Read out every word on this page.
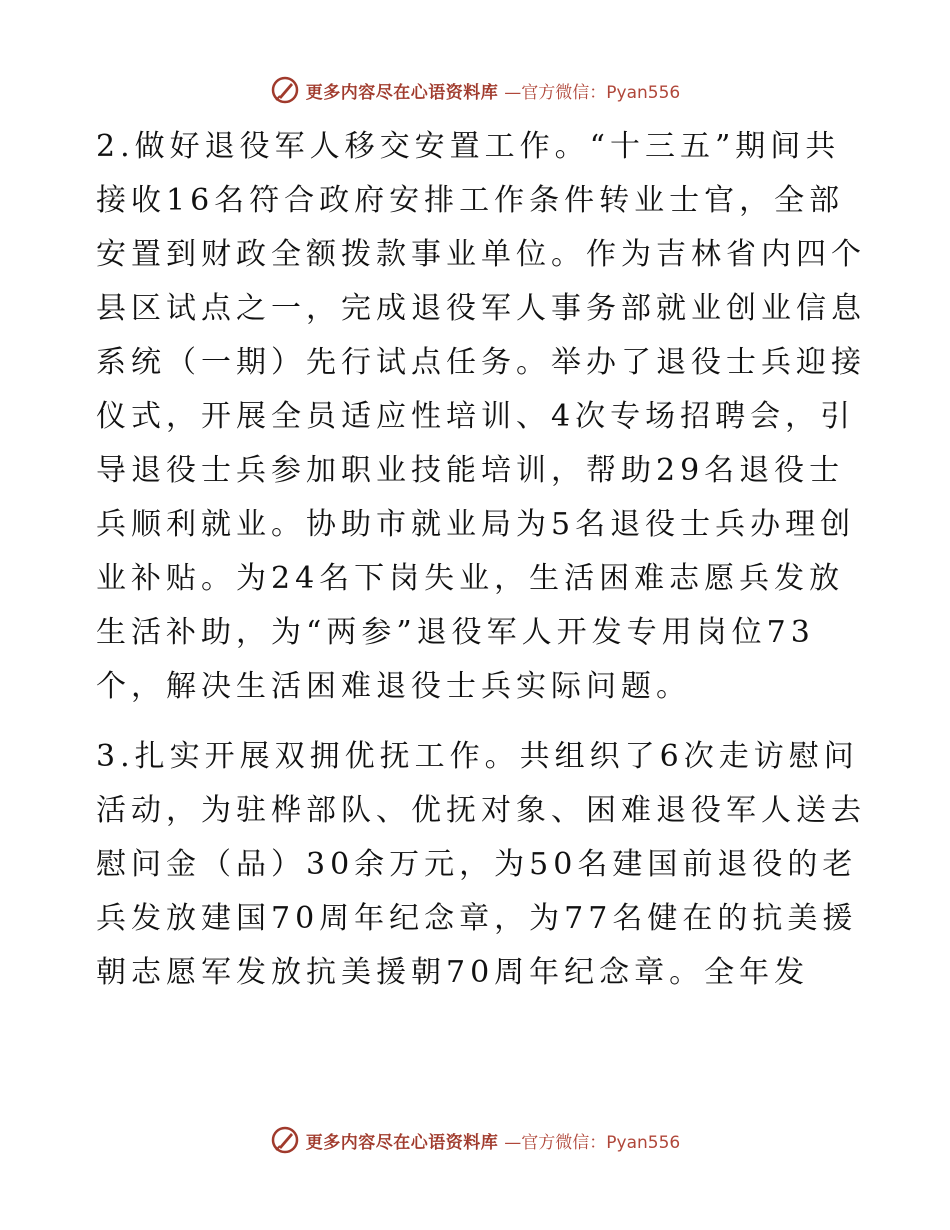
更多内容尽在心语资料库 —官方微信：Pyan556

2.做好退役军人移交安置工作。“十三五”期间共接收16名符合政府安排工作条件转业士官，全部安置到财政全额拨款事业单位。作为吉林省内四个县区试点之一，完成退役军人事务部就业创业信息系统（一期）先行试点任务。举办了退役士兵迎接仪式，开展全员适应性培训、4次专场招聘会，引导退役士兵参加职业技能培训，帮助29名退役士兵顺利就业。协助市就业局为5名退役士兵办理创业补贴。为24名下岗失业，生活困难志愿兵发放生活补助，为“两参”退役军人开发专用岗位73个，解决生活困难退役士兵实际问题。

3.扎实开展双拥优抚工作。共组织了6次走访慰问活动，为驻桦部队、优抚对象、困难退役军人送去慰问金（品）30余万元，为50名建国前退役的老兵发放建国70周年纪念章，为77名健在的抗美援朝志愿军发放抗美援朝70周年纪念章。全年发

更多内容尽在心语资料库 —官方微信：Pyan556
